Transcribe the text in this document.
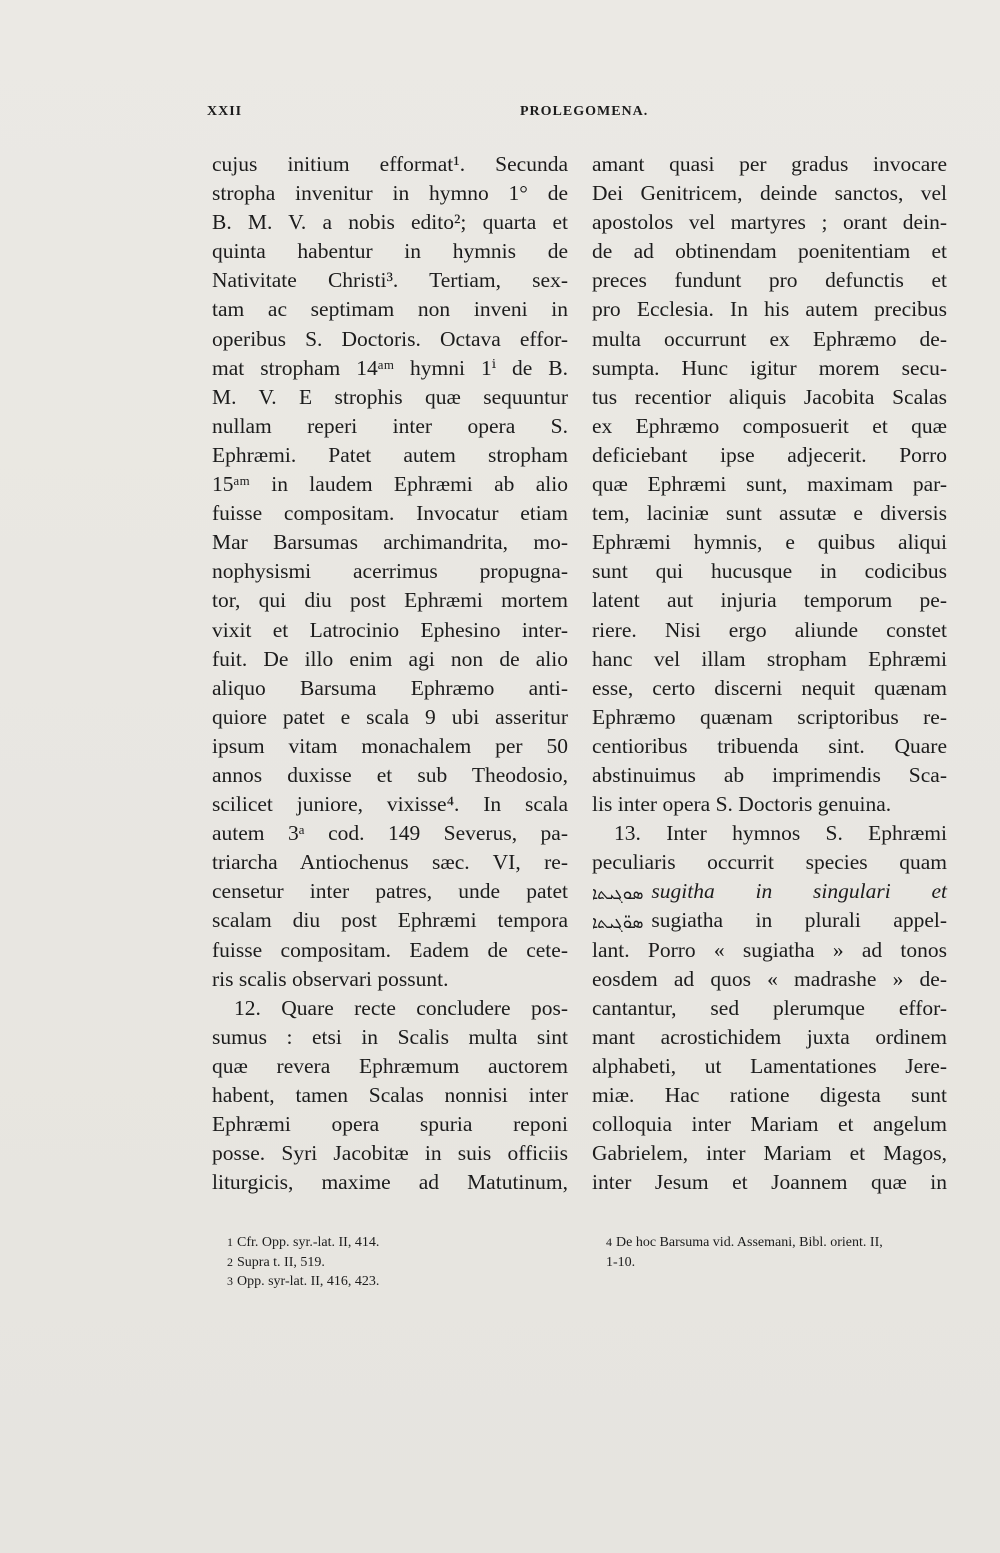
XXII	PROLEGOMENA.
cujus initium efformat¹. Secunda
stropha invenitur in hymno 1° de
B. M. V. a nobis edito²; quarta et
quinta habentur in hymnis de
Nativitate Christi³. Tertiam, sex-
tam ac septimam non inveni in
operibus S. Doctoris. Octava effor-
mat stropham 14ᵃᵐ hymni 1ⁱ de B.
M. V. E strophis quæ sequuntur
nullam reperi inter opera S.
Ephræmi. Patet autem stropham
15ᵃᵐ in laudem Ephræmi ab alio
fuisse compositam. Invocatur etiam
Mar Barsumas archimandrita, mo-
nophysismi acerrimus propugna-
tor, qui diu post Ephræmi mortem
vixit et Latrocinio Ephesino inter-
fuit. De illo enim agi non de alio
aliquo Barsuma Ephræmo anti-
quiore patet e scala 9 ubi asseritur
ipsum vitam monachalem per 50
annos duxisse et sub Theodosio,
scilicet juniore, vixisse⁴. In scala
autem 3ᵃ cod. 149 Severus, pa-
triarcha Antiochenus sæc. VI, re-
censetur inter patres, unde patet
scalam diu post Ephræmi tempora
fuisse compositam. Eadem de cete-
ris scalis observari possunt.
12. Quare recte concludere pos-
sumus : etsi in Scalis multa sint
quæ revera Ephræmum auctorem
habent, tamen Scalas nonnisi inter
Ephræmi opera spuria reponi
posse. Syri Jacobitæ in suis officiis
liturgicis, maxime ad Matutinum,
amant quasi per gradus invocare
Dei Genitricem, deinde sanctos, vel
apostolos vel martyres ; orant dein-
de ad obtinendam poenitentiam et
preces fundunt pro defunctis et
pro Ecclesia. In his autem precibus
multa occurrunt ex Ephræmo de-
sumpta. Hunc igitur morem secu-
tus recentior aliquis Jacobita Scalas
ex Ephræmo composuerit et quæ
deficiebant ipse adjecerit. Porro
quæ Ephræmi sunt, maximam par-
tem, laciniæ sunt assutæ e diversis
Ephræmi hymnis, e quibus aliqui
sunt qui hucusque in codicibus
latent aut injuria temporum pe-
riere. Nisi ergo aliunde constet
hanc vel illam stropham Ephræmi
esse, certo discerni nequit quænam
Ephræmo quænam scriptoribus re-
centioribus tribuenda sint. Quare
abstinuimus ab imprimendis Sca-
lis inter opera S. Doctoris genuina.
13. Inter hymnos S. Ephræmi
peculiaris occurrit species quam
ܣܘܓܝܬܐ sugitha in singulari et
ܣܘ̈ܓܝܬܐ sugiatha in plurali appel-
lant. Porro « sugiatha » ad tonos
eosdem ad quos « madrashe » de-
cantantur, sed plerumque effor-
mant acrostichidem juxta ordinem
alphabeti, ut Lamentationes Jere-
miæ. Hac ratione digesta sunt
colloquia inter Mariam et angelum
Gabrielem, inter Mariam et Magos,
inter Jesum et Joannem quæ in
1 Cfr. Opp. syr.-lat. II, 414.
2 Supra t. II, 519.
3 Opp. syr-lat. II, 416, 423.
4 De hoc Barsuma vid. Assemani, Bibl. orient. II,
1-10.
